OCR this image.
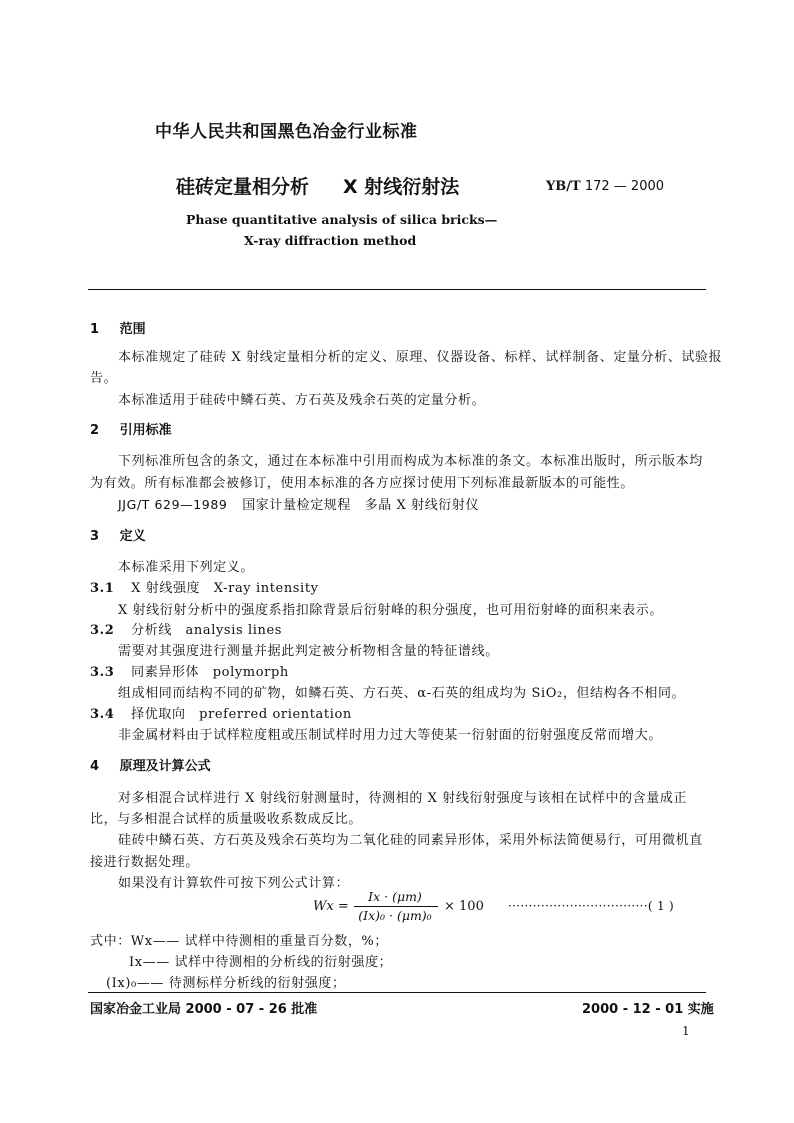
中华人民共和国黑色冶金行业标准
硅砖定量相分析 X 射线衍射法	YB/T 172 — 2000
Phase quantitative analysis of silica bricks—
X-ray diffraction method
1 范围
本标准规定了硅砖 X 射线定量相分析的定义、原理、仪器设备、标样、试样制备、定量分析、试验报
告。
本标准适用于硅砖中鳞石英、方石英及残余石英的定量分析。
2 引用标准
下列标准所包含的条文，通过在本标准中引用而构成为本标准的条文。本标准出版时，所示版本均
为有效。所有标准都会被修订，使用本标准的各方应探讨使用下列标准最新版本的可能性。
JJG/T 629—1989 国家计量检定规程　多晶 X 射线衍射仪
3 定义
本标准采用下列定义。
3.1 X 射线强度　X-ray intensity
X 射线衍射分析中的强度系指扣除背景后衍射峰的积分强度，也可用衍射峰的面积来表示。
3.2 分析线　analysis lines
需要对其强度进行测量并据此判定被分析物相含量的特征谱线。
3.3 同素异形体　polymorph
组成相同而结构不同的矿物，如鳞石英、方石英、α-石英的组成均为 SiO₂，但结构各不相同。
3.4 择优取向　preferred orientation
非金属材料由于试样粒度粗或压制试样时用力过大等使某一衍射面的衍射强度反常而增大。
4 原理及计算公式
对多相混合试样进行 X 射线衍射测量时，待测相的 X 射线衍射强度与该相在试样中的含量成正
比，与多相混合试样的质量吸收系数成反比。
硅砖中鳞石英、方石英及残余石英均为二氧化硅的同素异形体，采用外标法简便易行，可用微机直
接进行数据处理。
如果没有计算软件可按下列公式计算：
Wx =
Ix · (μm)
(Ix)₀ · (μm)₀
× 100 ··································( 1 )
式中：Wx—— 试样中待测相的重量百分数，%；
Ix—— 试样中待测相的分析线的衍射强度；
(Ix)₀—— 待测标样分析线的衍射强度；
国家冶金工业局 2000 - 07 - 26 批准	2000 - 12 - 01 实施
1
